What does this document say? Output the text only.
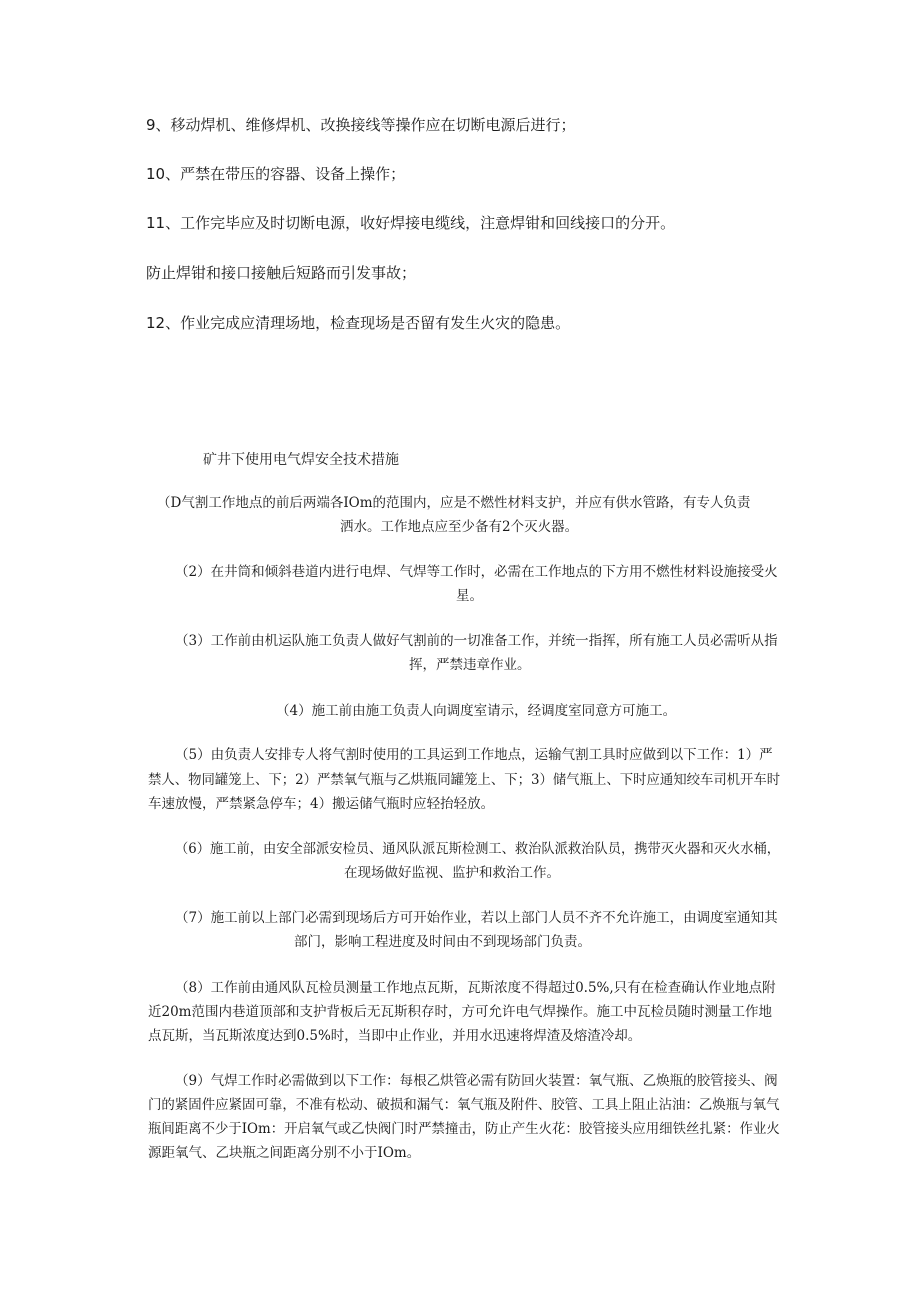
9、移动焊机、维修焊机、改换接线等操作应在切断电源后进行；
10、严禁在带压的容器、设备上操作；
11、工作完毕应及时切断电源，收好焊接电缆线，注意焊钳和回线接口的分开。
防止焊钳和接口接触后短路而引发事故；
12、作业完成应清理场地，检查现场是否留有发生火灾的隐患。
矿井下使用电气焊安全技术措施
（D气割工作地点的前后两端各IOm的范围内，应是不燃性材料支护，并应有供水管路，有专人负责
洒水。工作地点应至少备有2个灭火器。
（2）在井筒和倾斜巷道内进行电焊、气焊等工作时，必需在工作地点的下方用不燃性材料设施接受火
星。
（3）工作前由机运队施工负责人做好气割前的一切准备工作，并统一指挥，所有施工人员必需听从指
挥，严禁违章作业。
（4）施工前由施工负责人向调度室请示，经调度室同意方可施工。
（5）由负责人安排专人将气割时使用的工具运到工作地点，运输气割工具时应做到以下工作：1）严
禁人、物同罐笼上、下；2）严禁氧气瓶与乙烘瓶同罐笼上、下；3）储气瓶上、下时应通知绞车司机开车时
车速放慢，严禁紧急停车；4）搬运储气瓶时应轻抬轻放。
（6）施工前，由安全部派安检员、通风队派瓦斯检测工、救治队派救治队员，携带灭火器和灭火水桶，
在现场做好监视、监护和救治工作。
（7）施工前以上部门必需到现场后方可开始作业，若以上部门人员不齐不允许施工，由调度室通知其
部门，影响工程进度及时间由不到现场部门负责。
（8）工作前由通风队瓦检员测量工作地点瓦斯，瓦斯浓度不得超过0.5%,只有在检查确认作业地点附
近20m范围内巷道顶部和支护背板后无瓦斯积存时，方可允许电气焊操作。施工中瓦检员随时测量工作地
点瓦斯，当瓦斯浓度达到0.5%时，当即中止作业，并用水迅速将焊渣及熔渣冷却。
（9）气焊工作时必需做到以下工作：每根乙烘管必需有防回火装置：氧气瓶、乙焕瓶的胶管接头、阀
门的紧固件应紧固可靠，不准有松动、破损和漏气：氧气瓶及附件、胶管、工具上阻止沾油：乙焕瓶与氧气
瓶间距离不少于IOm：开启氧气或乙快阀门时严禁撞击，防止产生火花：胶管接头应用细铁丝扎紧：作业火
源距氧气、乙块瓶之间距离分别不小于IOm。
